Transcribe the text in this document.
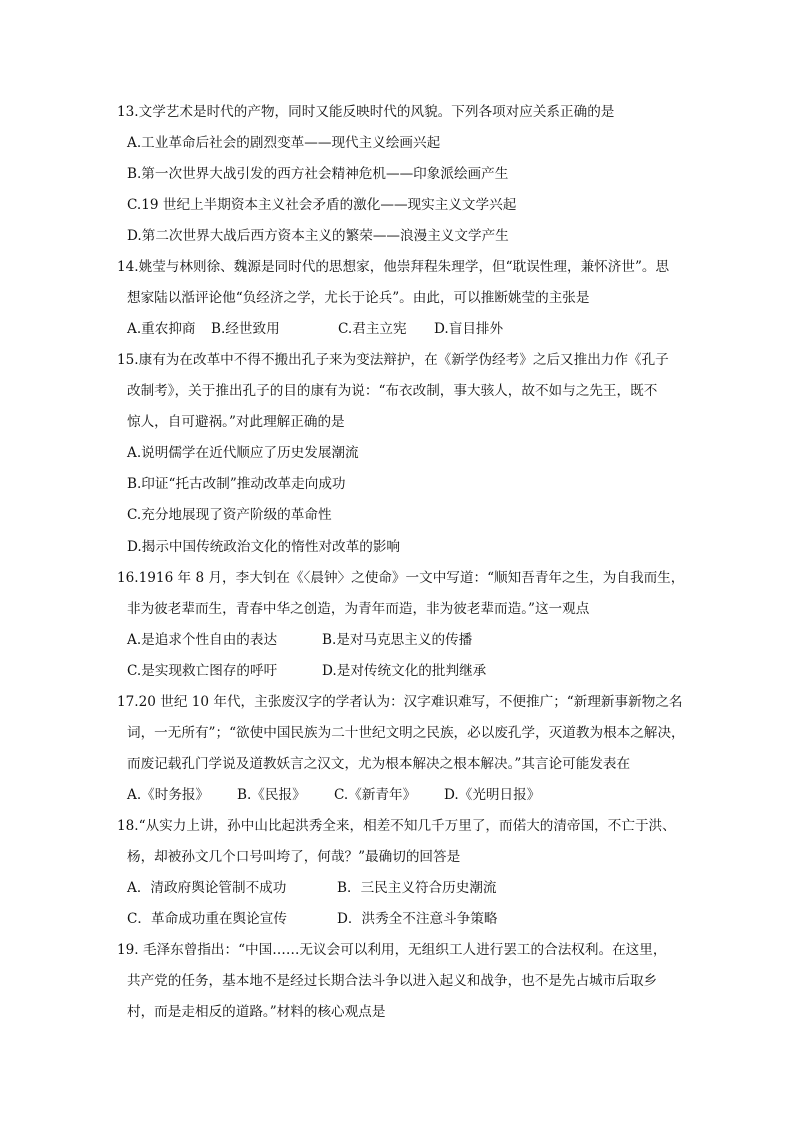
13.文学艺术是时代的产物，同时又能反映时代的风貌。下列各项对应关系正确的是
A.工业革命后社会的剧烈变革——现代主义绘画兴起
B.第一次世界大战引发的西方社会精神危机——印象派绘画产生
C.19 世纪上半期资本主义社会矛盾的激化——现实主义文学兴起
D.第二次世界大战后西方资本主义的繁荣——浪漫主义文学产生
14.姚莹与林则徐、魏源是同时代的思想家，他崇拜程朱理学，但“耽误性理，兼怀济世”。思
想家陆以湉评论他“负经济之学，尤长于论兵”。由此，可以推断姚莹的主张是
A.重农抑商 B.经世致用	C.君主立宪 D.盲目排外
15.康有为在改革中不得不搬出孔子来为变法辩护，在《新学伪经考》之后又推出力作《孔子
改制考》，关于推出孔子的目的康有为说：“布衣改制，事大骇人，故不如与之先王，既不
惊人，自可避祸。”对此理解正确的是
A.说明儒学在近代顺应了历史发展潮流
B.印证“托古改制”推动改革走向成功
C.充分地展现了资产阶级的革命性
D.揭示中国传统政治文化的惰性对改革的影响
16.1916 年 8 月，李大钊在《〈晨钟〉之使命》一文中写道：“顺知吾青年之生，为自我而生，
非为彼老辈而生，青春中华之创造，为青年而造，非为彼老辈而造。”这一观点
A.是追求个性自由的表达	B.是对马克思主义的传播
C.是实现救亡图存的呼吁	D.是对传统文化的批判继承
17.20 世纪 10 年代，主张废汉字的学者认为：汉字难识难写，不便推广；“新理新事新物之名
词，一无所有”；“欲使中国民族为二十世纪文明之民族，必以废孔学，灭道教为根本之解决，
而废记载孔门学说及道教妖言之汉文，尤为根本解决之根本解决。”其言论可能发表在
A.《时务报》 B.《民报》 C.《新青年》 D.《光明日报》
18.“从实力上讲，孙中山比起洪秀全来，相差不知几千万里了，而偌大的清帝国，不亡于洪、
杨，却被孙文几个口号叫垮了，何哉？”最确切的回答是
A．清政府舆论管制不成功	B．三民主义符合历史潮流
C．革命成功重在舆论宣传	D．洪秀全不注意斗争策略
19. 毛泽东曾指出：“中国……无议会可以利用，无组织工人进行罢工的合法权利。在这里，
共产党的任务，基本地不是经过长期合法斗争以进入起义和战争，也不是先占城市后取乡
村，而是走相反的道路。”材料的核心观点是
